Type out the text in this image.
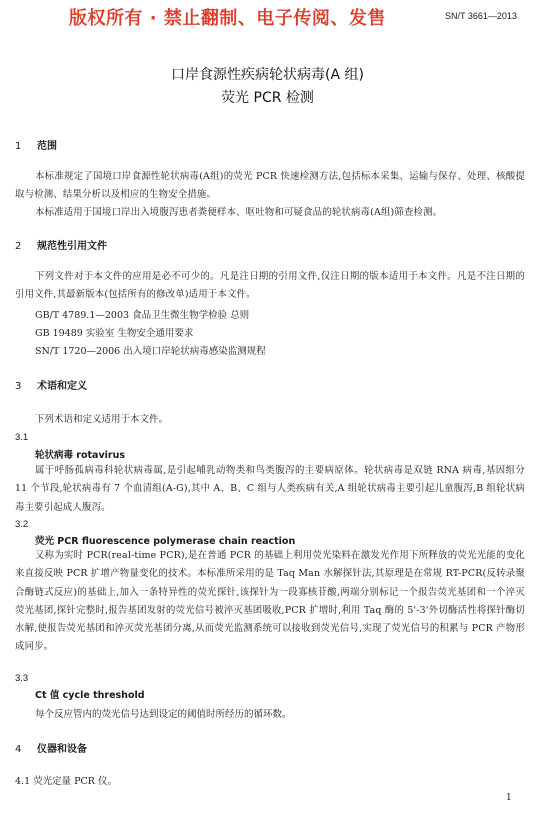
版权所有 · 禁止翻制、电子传阅、发售	SN/T 3661—2013
口岸食源性疾病轮状病毒(A 组)
荧光 PCR 检测
1 范围
本标准规定了国境口岸食源性轮状病毒(A组)的荧光 PCR 快速检测方法,包括标本采集、运输与保存、处理、核酸提取与检测、结果分析以及相应的生物安全措施。
本标准适用于国境口岸出入境腹泻患者粪便样本、呕吐物和可疑食品的轮状病毒(A组)筛查检测。
2 规范性引用文件
下列文件对于本文件的应用是必不可少的。凡是注日期的引用文件,仅注日期的版本适用于本文件。凡是不注日期的引用文件,其最新版本(包括所有的修改单)适用于本文件。
GB/T 4789.1—2003 食品卫生微生物学检验 总则
GB 19489 实验室 生物安全通用要求
SN/T 1720—2006 出入境口岸轮状病毒感染监测规程
3 术语和定义
下列术语和定义适用于本文件。
3.1
轮状病毒 rotavirus
属于呼肠孤病毒科轮状病毒属,是引起哺乳动物类和鸟类腹泻的主要病原体。轮状病毒是双链 RNA 病毒,基因组分 11 个节段,轮状病毒有 7 个血清组(A-G),其中 A、B、C 组与人类疾病有关,A 组轮状病毒主要引起儿童腹泻,B 组轮状病毒主要引起成人腹泻。
3.2
荧光 PCR fluorescence polymerase chain reaction
又称为实时 PCR(real-time PCR),是在普通 PCR 的基础上利用荧光染料在激发光作用下所释放的荧光光能的变化来直接反映 PCR 扩增产物量变化的技术。本标准所采用的是 Taq Man 水解探针法,其原理是在常规 RT-PCR(反转录聚合酶链式反应)的基础上,加入一条特异性的荧光探针,该探针为一段寡核苷酸,两端分别标记一个报告荧光基团和一个淬灭荧光基团,探针完整时,报告基团发射的荧光信号被淬灭基团吸收,PCR 扩增时,利用 Taq 酶的 5'-3'外切酶活性将探针酶切水解,使报告荧光基团和淬灭荧光基团分离,从而荧光监测系统可以接收到荧光信号,实现了荧光信号的积累与 PCR 产物形成同步。
3.3
Ct 值 cycle threshold
每个反应管内的荧光信号达到设定的阈值时所经历的循环数。
4 仪器和设备
4.1 荧光定量 PCR 仪。
1
